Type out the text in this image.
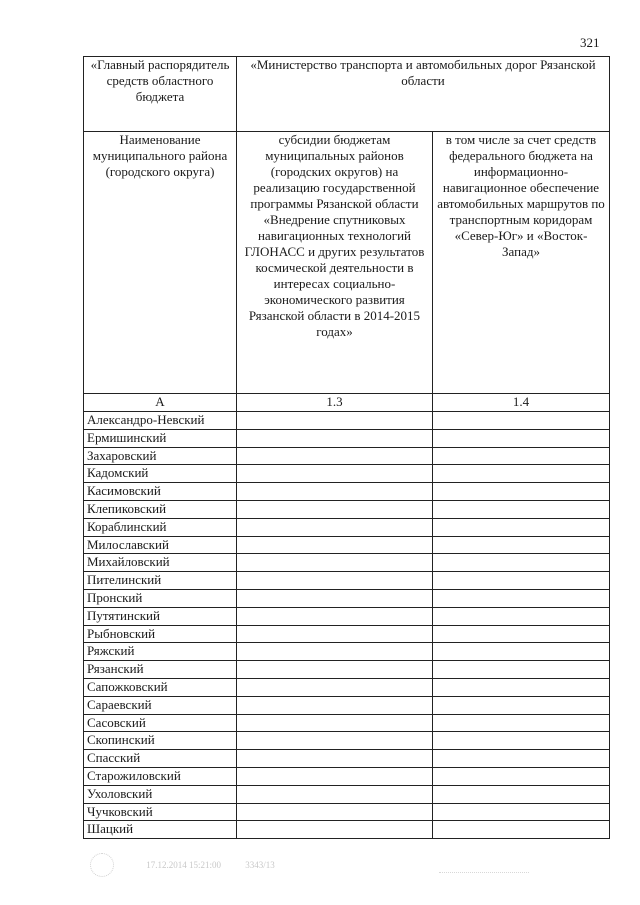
321
«Главный распорядитель средств областного бюджета	«Министерство транспорта и автомобильных дорог Рязанской области	
Наименование муниципального района (городского округа)	субсидии бюджетам муниципальных районов (городских округов) на реализацию государственной программы Рязанской области «Внедрение спутниковых навигационных технологий ГЛОНАСС и других результатов космической деятельности в интересах социально-экономического развития Рязанской области в 2014-2015 годах»	в том числе за счет средств федерального бюджета на информационно-навигационное обеспечение автомобильных маршрутов по транспортным коридорам «Север-Юг» и «Восток-Запад»
А	1.3	1.4
Александро-Невский		
Ермишинский		
Захаровский		
Кадомский		
Касимовский		
Клепиковский		
Кораблинский		
Милославский		
Михайловский		
Пителинский		
Пронский		
Путятинский		
Рыбновский		
Ряжский		
Рязанский		
Сапожковский		
Сараевский		
Сасовский		
Скопинский		
Спасский		
Старожиловский		
Ухоловский		
Чучковский		
Шацкий		
17.12.2014 15:21:00	3343/13
